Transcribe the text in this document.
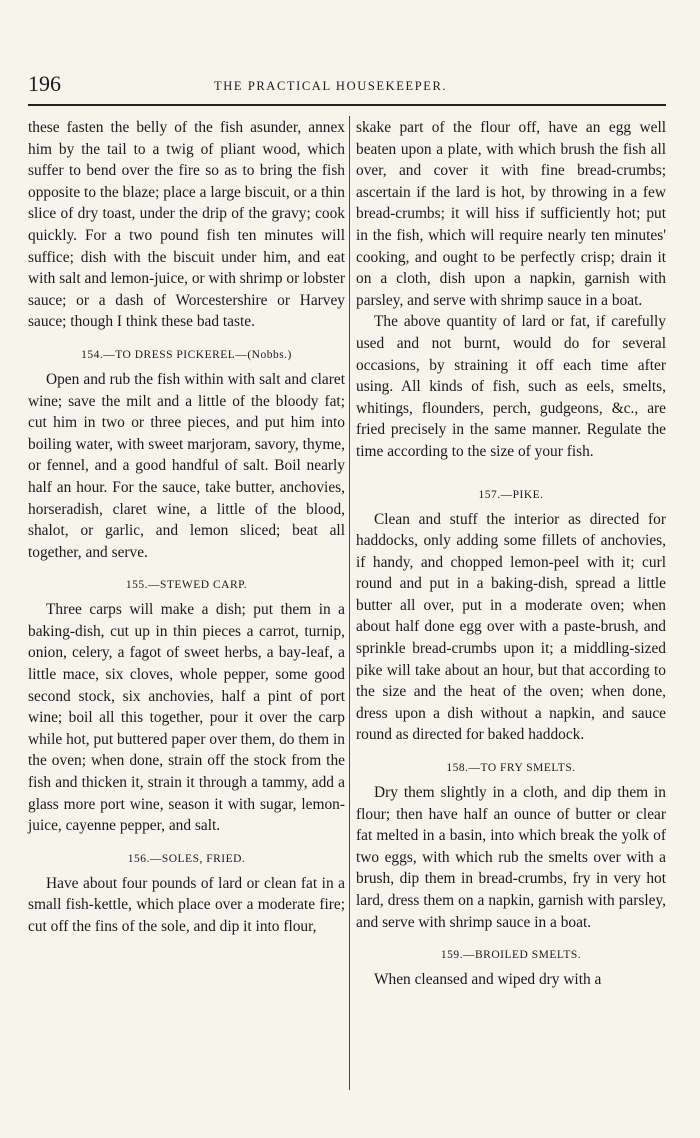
196	THE PRACTICAL HOUSEKEEPER.

these fasten the belly of the fish asunder, annex him by the tail to a twig of pliant wood, which suffer to bend over the fire so as to bring the fish opposite to the blaze; place a large biscuit, or a thin slice of dry toast, under the drip of the gravy; cook quickly. For a two pound fish ten minutes will suffice; dish with the biscuit under him, and eat with salt and lemon-juice, or with shrimp or lobster sauce; or a dash of Worcestershire or Harvey sauce; though I think these bad taste.

154.—TO DRESS PICKEREL—(Nobbs.)

Open and rub the fish within with salt and claret wine; save the milt and a little of the bloody fat; cut him in two or three pieces, and put him into boiling water, with sweet marjoram, savory, thyme, or fennel, and a good handful of salt. Boil nearly half an hour. For the sauce, take butter, anchovies, horseradish, claret wine, a little of the blood, shalot, or garlic, and lemon sliced; beat all together, and serve.

155.—STEWED CARP.

Three carps will make a dish; put them in a baking-dish, cut up in thin pieces a carrot, turnip, onion, celery, a fagot of sweet herbs, a bay-leaf, a little mace, six cloves, whole pepper, some good second stock, six anchovies, half a pint of port wine; boil all this together, pour it over the carp while hot, put buttered paper over them, do them in the oven; when done, strain off the stock from the fish and thicken it, strain it through a tammy, add a glass more port wine, season it with sugar, lemon-juice, cayenne pepper, and salt.

156.—SOLES, FRIED.

Have about four pounds of lard or clean fat in a small fish-kettle, which place over a moderate fire; cut off the fins of the sole, and dip it into flour,

skake part of the flour off, have an egg well beaten upon a plate, with which brush the fish all over, and cover it with fine bread-crumbs; ascertain if the lard is hot, by throwing in a few bread-crumbs; it will hiss if sufficiently hot; put in the fish, which will require nearly ten minutes' cooking, and ought to be perfectly crisp; drain it on a cloth, dish upon a napkin, garnish with parsley, and serve with shrimp sauce in a boat.

The above quantity of lard or fat, if carefully used and not burnt, would do for several occasions, by straining it off each time after using. All kinds of fish, such as eels, smelts, whitings, flounders, perch, gudgeons, &c., are fried precisely in the same manner. Regulate the time according to the size of your fish.

157.—PIKE.

Clean and stuff the interior as directed for haddocks, only adding some fillets of anchovies, if handy, and chopped lemon-peel with it; curl round and put in a baking-dish, spread a little butter all over, put in a moderate oven; when about half done egg over with a paste-brush, and sprinkle bread-crumbs upon it; a middling-sized pike will take about an hour, but that according to the size and the heat of the oven; when done, dress upon a dish without a napkin, and sauce round as directed for baked haddock.

158.—TO FRY SMELTS.

Dry them slightly in a cloth, and dip them in flour; then have half an ounce of butter or clear fat melted in a basin, into which break the yolk of two eggs, with which rub the smelts over with a brush, dip them in bread-crumbs, fry in very hot lard, dress them on a napkin, garnish with parsley, and serve with shrimp sauce in a boat.

159.—BROILED SMELTS.

When cleansed and wiped dry with a
